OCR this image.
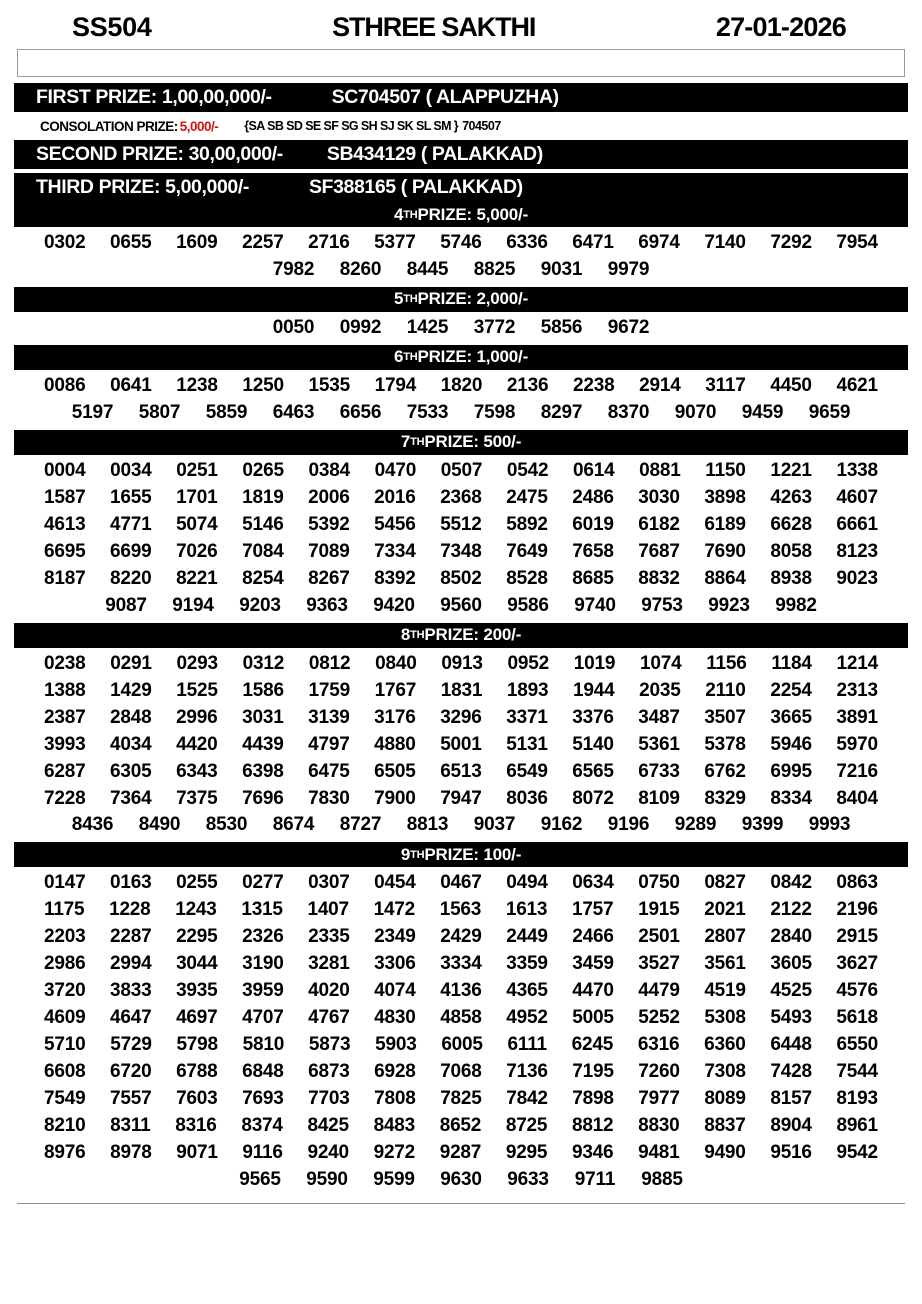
SS504	STHREE SAKTHI	27-01-2026
FIRST PRIZE: 1,00,00,000/-	SC704507 ( ALAPPUZHA)
CONSOLATION PRIZE: 5,000/- {SA SB SD SE SF SG SH SJ SK SL SM } 704507
SECOND PRIZE: 30,00,000/- SB434129 ( PALAKKAD)
THIRD PRIZE: 5,00,000/-	SF388165 ( PALAKKAD)
4 TH PRIZE: 5,000/-
0302 0655 1609 2257 2716 5377 5746 6336 6471 6974 7140 7292 7954
7982	8260	8445	8825	9031	9979
5 TH PRIZE: 2,000/-
0050	0992	1425	3772	5856	9672
6 TH PRIZE: 1,000/-
0086 0641 1238 1250 1535 1794 1820 2136 2238 2914 3117 4450 4621
5197	5807	5859	6463	6656	7533	7598	8297	8370	9070	9459	9659
7 TH PRIZE: 500/-
0004 0034 0251 0265 0384 0470 0507 0542 0614 0881 1150 1221 1338
1587 1655 1701 1819 2006 2016 2368 2475 2486 3030 3898 4263 4607
4613 4771 5074 5146 5392 5456 5512 5892 6019 6182 6189 6628 6661
6695 6699 7026 7084 7089 7334 7348 7649 7658 7687 7690 8058 8123
8187 8220 8221 8254 8267 8392 8502 8528 8685 8832 8864 8938 9023
9087	9194	9203	9363	9420	9560	9586	9740	9753	9923	9982
8 TH PRIZE: 200/-
0238 0291 0293 0312 0812 0840 0913 0952 1019 1074 1156 1184 1214
1388 1429 1525 1586 1759 1767 1831 1893 1944 2035 2110 2254 2313
2387 2848 2996 3031 3139 3176 3296 3371 3376 3487 3507 3665 3891
3993 4034 4420 4439 4797 4880 5001 5131 5140 5361 5378 5946 5970
6287 6305 6343 6398 6475 6505 6513 6549 6565 6733 6762 6995 7216
7228 7364 7375 7696 7830 7900 7947 8036 8072 8109 8329 8334 8404
8436	8490	8530	8674	8727	8813	9037	9162	9196	9289	9399	9993
9 TH PRIZE: 100/-
0147 0163 0255 0277 0307 0454 0467 0494 0634 0750 0827 0842 0863
1175 1228 1243 1315 1407 1472 1563 1613 1757 1915 2021 2122 2196
2203 2287 2295 2326 2335 2349 2429 2449 2466 2501 2807 2840 2915
2986 2994 3044 3190 3281 3306 3334 3359 3459 3527 3561 3605 3627
3720 3833 3935 3959 4020 4074 4136 4365 4470 4479 4519 4525 4576
4609 4647 4697 4707 4767 4830 4858 4952 5005 5252 5308 5493 5618
5710 5729 5798 5810 5873 5903 6005 6111 6245 6316 6360 6448 6550
6608 6720 6788 6848 6873 6928 7068 7136 7195 7260 7308 7428 7544
7549 7557 7603 7693 7703 7808 7825 7842 7898 7977 8089 8157 8193
8210 8311 8316 8374 8425 8483 8652 8725 8812 8830 8837 8904 8961
8976 8978 9071 9116 9240 9272 9287 9295 9346 9481 9490 9516 9542
9565	9590	9599	9630	9633	9711	9885
